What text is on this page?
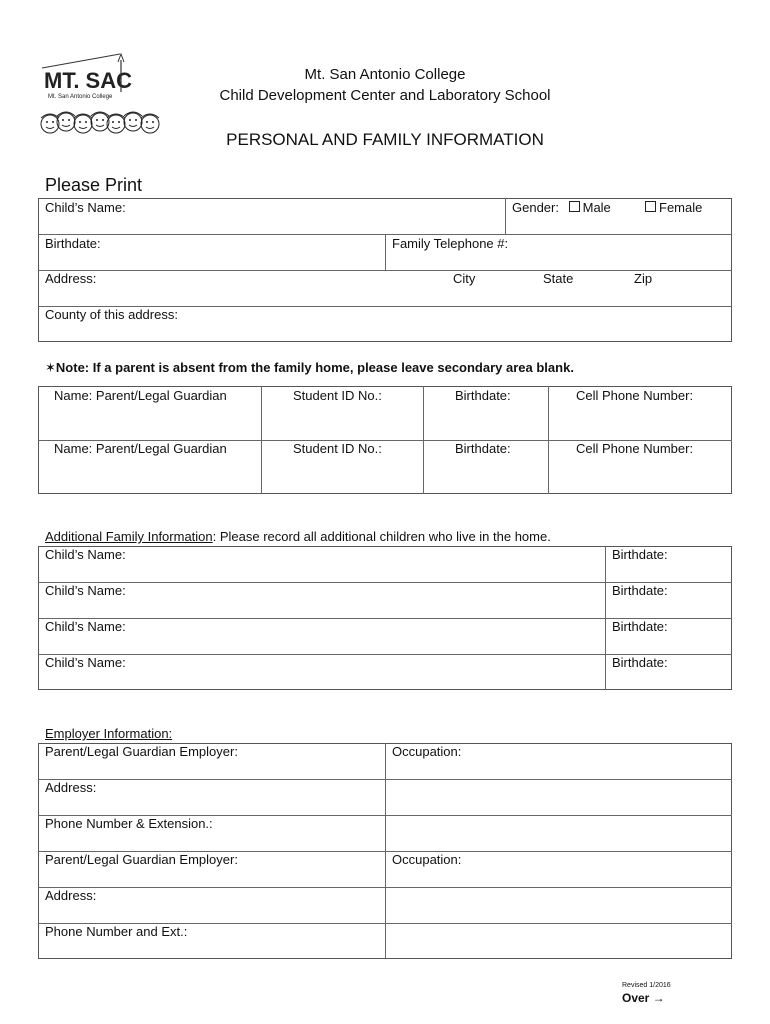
MT. SAC
Mt. San Antonio College
Mt. San Antonio College
Child Development Center and Laboratory School
PERSONAL AND FAMILY INFORMATION
Please Print
Child’s Name:	Gender: Male	Female
Birthdate:	Family Telephone #:
Address:	City	State	Zip
County of this address:
✶Note: If a parent is absent from the family home, please leave secondary area blank.
Name: Parent/Legal Guardian	Student ID No.:	Birthdate:	Cell Phone Number:
Name: Parent/Legal Guardian	Student ID No.:	Birthdate:	Cell Phone Number:
Additional Family Information: Please record all additional children who live in the home.
Child’s Name:	Birthdate:
Child’s Name:	Birthdate:
Child’s Name:	Birthdate:
Child’s Name:	Birthdate:
Employer Information:
Parent/Legal Guardian Employer:	Occupation:
Address:
Phone Number & Extension.:
Parent/Legal Guardian Employer:	Occupation:
Address:
Phone Number and Ext.:
Revised 1/2016
Over →
